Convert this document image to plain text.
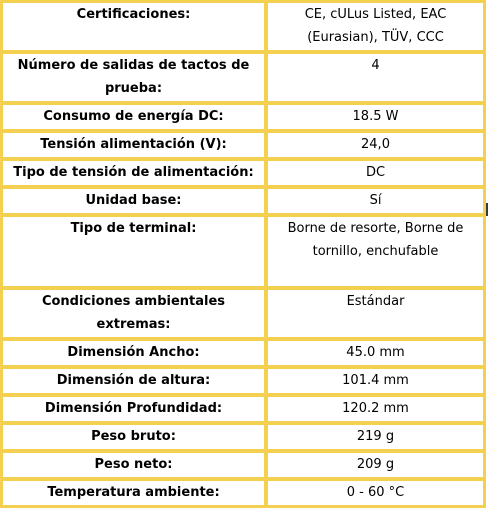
Certificaciones:	CE, cULus Listed, EAC (Eurasian), TÜV, CCC
Número de salidas de tactos de prueba:	4
Consumo de energía DC:	18.5 W
Tensión alimentación (V):	24,0
Tipo de tensión de alimentación:	DC
Unidad base:	Sí
Tipo de terminal:	Borne de resorte, Borne de tornillo, enchufable
Condiciones ambientales extremas:	Estándar
Dimensión Ancho:	45.0 mm
Dimensión de altura:	101.4 mm
Dimensión Profundidad:	120.2 mm
Peso bruto:	219 g
Peso neto:	209 g
Temperatura ambiente:	0 - 60 °C
